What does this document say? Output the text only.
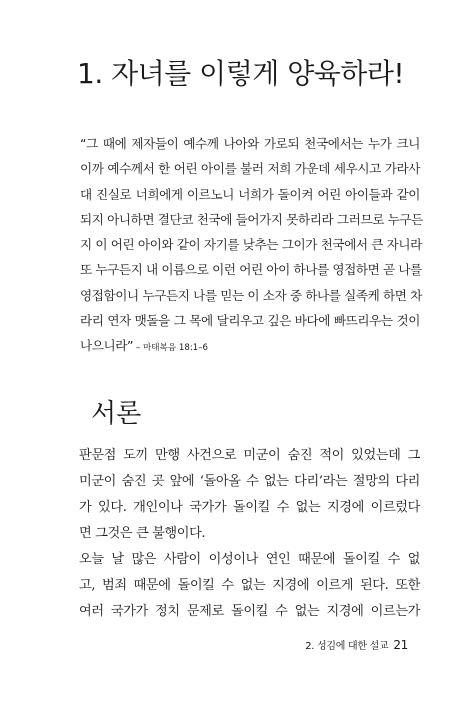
1. 자녀를 이렇게 양육하라!
“그 때에 제자들이 예수께 나아와 가로되 천국에서는 누가 크니
이까 예수께서 한 어린 아이를 불러 저희 가운데 세우시고 가라사
대 진실로 너희에게 이르노니 너희가 돌이켜 어린 아이들과 같이
되지 아니하면 결단코 천국에 들어가지 못하리라 그러므로 누구든
지 이 어린 아이와 같이 자기를 낮추는 그이가 천국에서 큰 자니라
또 누구든지 내 이름으로 이런 어린 아이 하나를 영접하면 곧 나를
영접함이니 누구든지 나를 믿는 이 소자 중 하나를 실족케 하면 차
라리 연자 맷돌을 그 목에 달리우고 깊은 바다에 빠뜨리우는 것이
나으니라” – 마태복음 18:1–6
서론
판문점 도끼 만행 사건으로 미군이 숨진 적이 있었는데 그
미군이 숨진 곳 앞에 ‘돌아올 수 없는 다리’라는 절망의 다리
가 있다. 개인이나 국가가 돌이킬 수 없는 지경에 이르렀다
면 그것은 큰 불행이다.
오늘 날 많은 사람이 이성이나 연인 때문에 돌이킬 수 없
고, 범죄 때문에 돌이킬 수 없는 지경에 이르게 된다. 또한
여러 국가가 정치 문제로 돌이킬 수 없는 지경에 이르는가
2. 성김에 대한 설교 21
